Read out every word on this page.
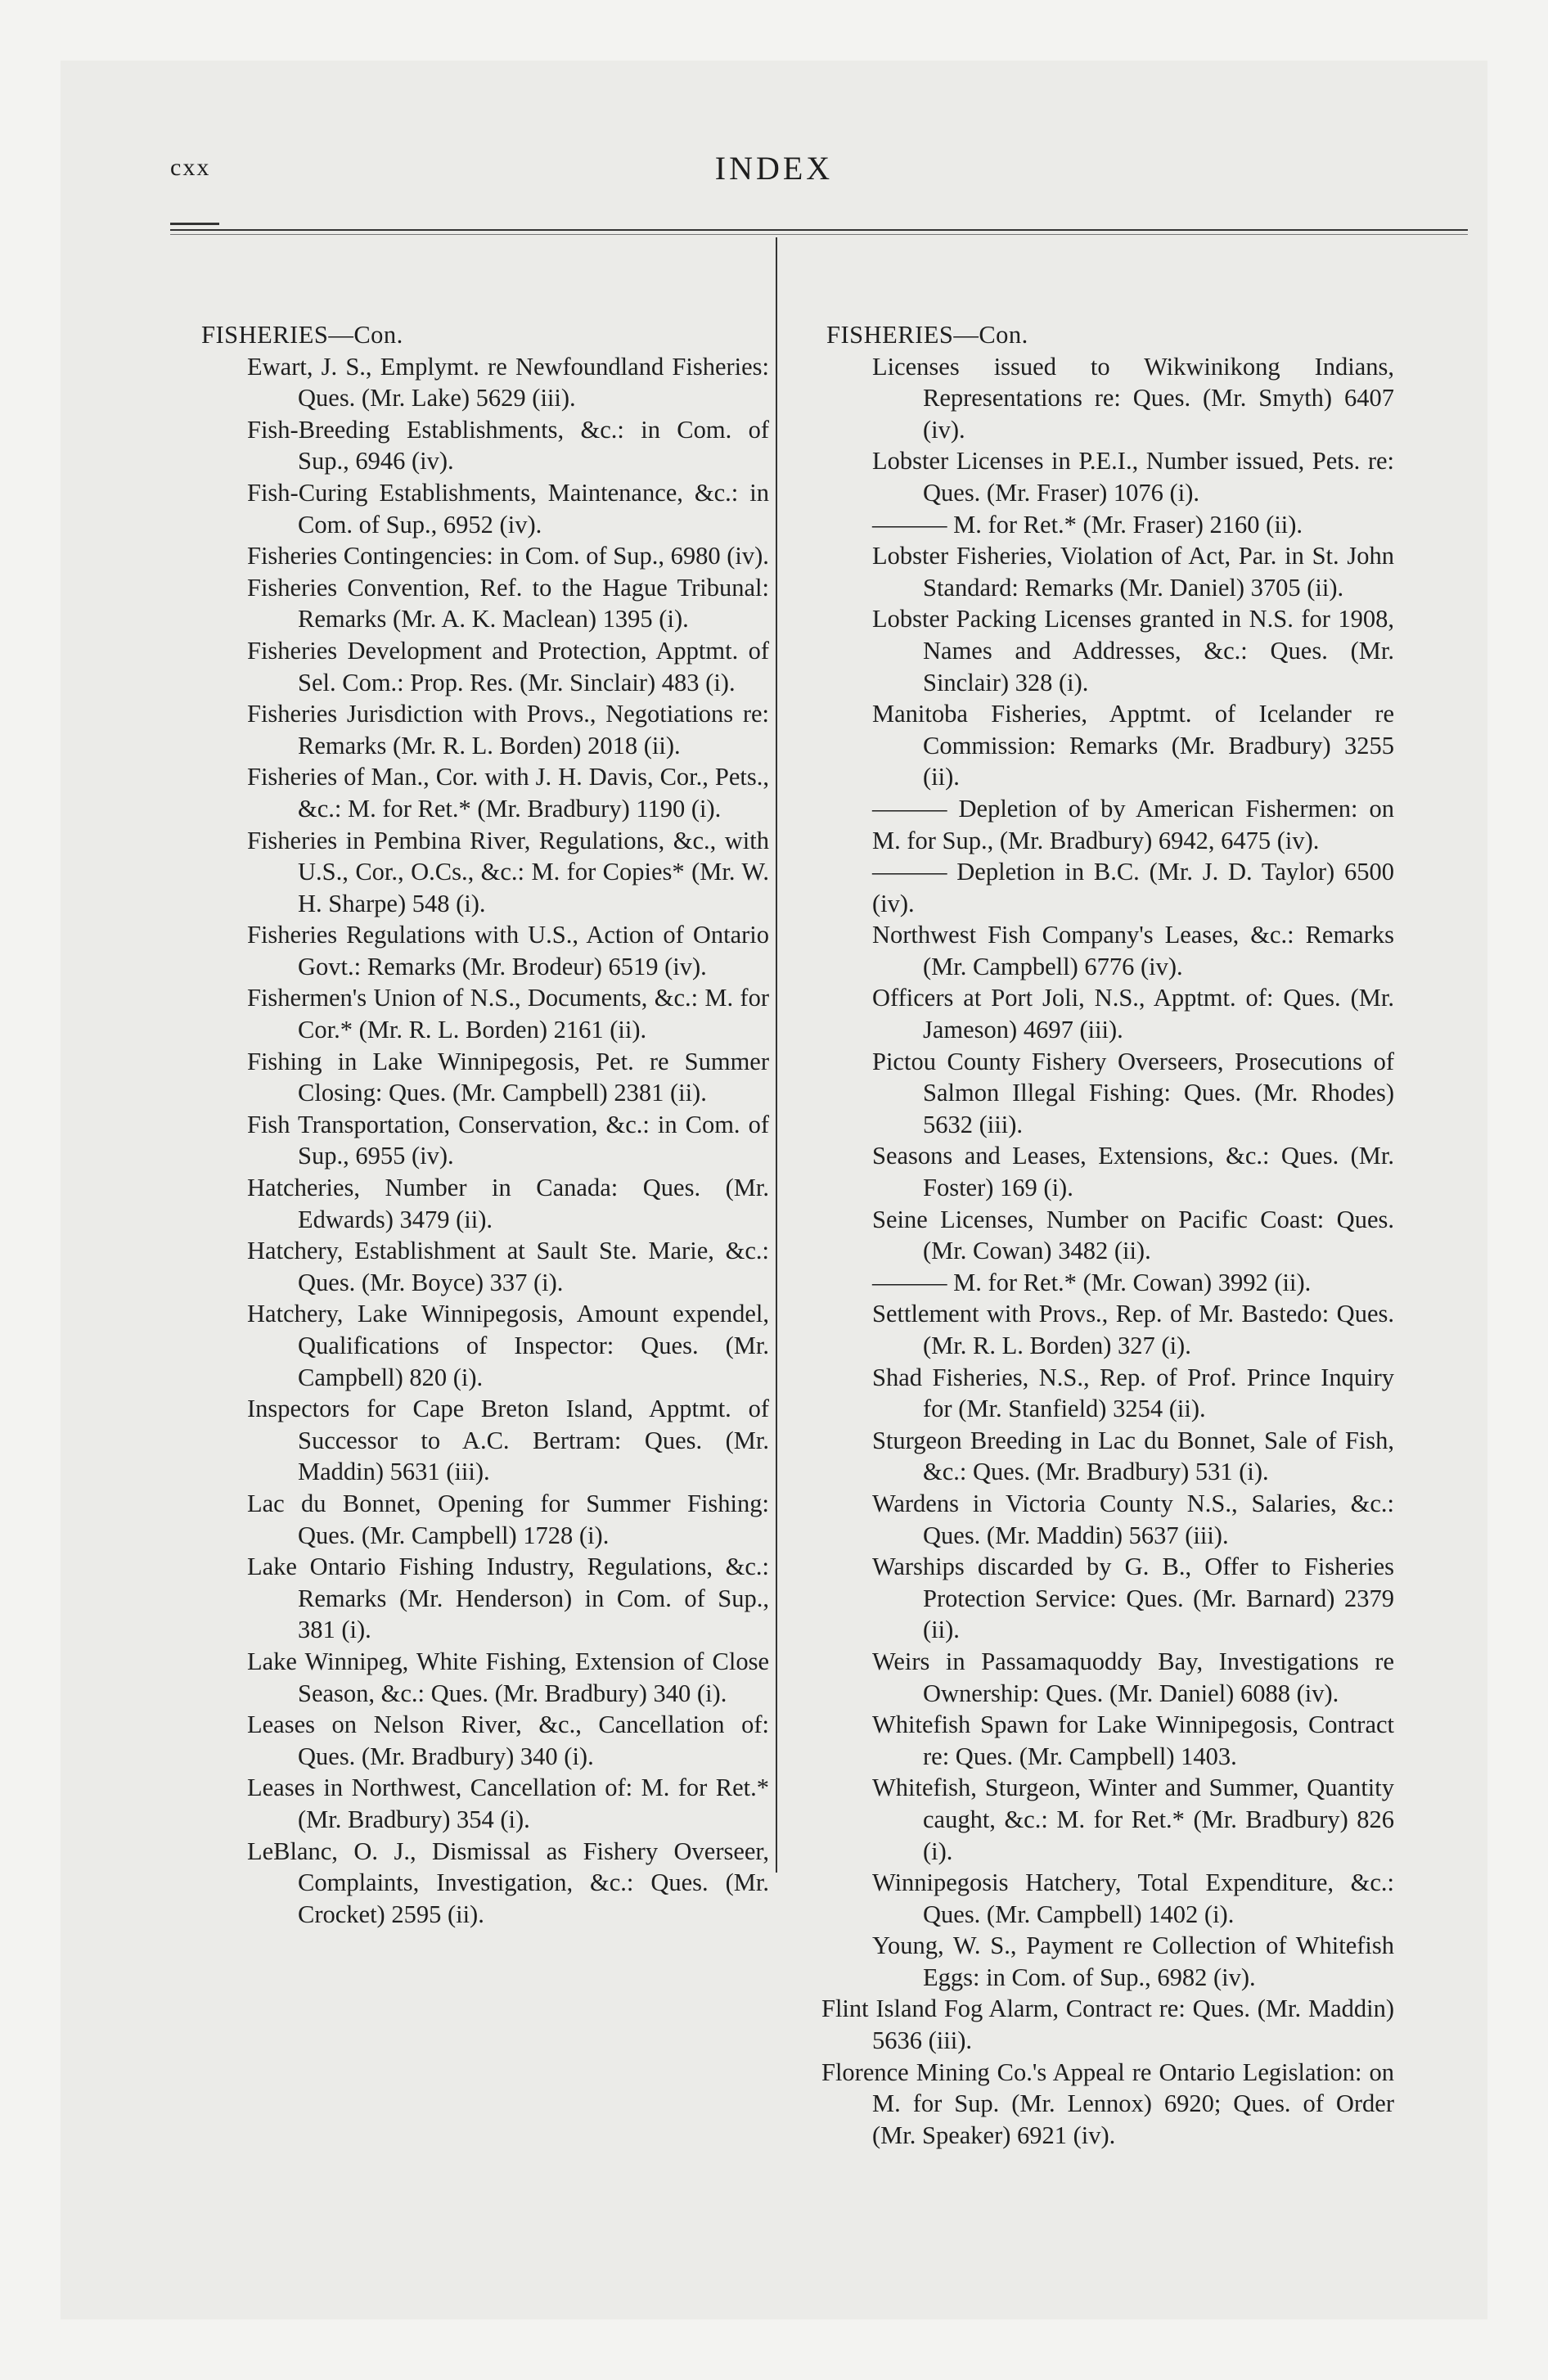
cxx	INDEX
FISHERIES—Con.
Ewart, J. S., Emplymt. re Newfoundland Fisheries: Ques. (Mr. Lake) 5629 (iii).
Fish-Breeding Establishments, &c.: in Com. of Sup., 6946 (iv).
Fish-Curing Establishments, Maintenance, &c.: in Com. of Sup., 6952 (iv).
Fisheries Contingencies: in Com. of Sup., 6980 (iv).
Fisheries Convention, Ref. to the Hague Tribunal: Remarks (Mr. A. K. Maclean) 1395 (i).
Fisheries Development and Protection, Apptmt. of Sel. Com.: Prop. Res. (Mr. Sinclair) 483 (i).
Fisheries Jurisdiction with Provs., Negotiations re: Remarks (Mr. R. L. Borden) 2018 (ii).
Fisheries of Man., Cor. with J. H. Davis, Cor., Pets., &c.: M. for Ret.* (Mr. Bradbury) 1190 (i).
Fisheries in Pembina River, Regulations, &c., with U.S., Cor., O.Cs., &c.: M. for Copies* (Mr. W. H. Sharpe) 548 (i).
Fisheries Regulations with U.S., Action of Ontario Govt.: Remarks (Mr. Brodeur) 6519 (iv).
Fishermen's Union of N.S., Documents, &c.: M. for Cor.* (Mr. R. L. Borden) 2161 (ii).
Fishing in Lake Winnipegosis, Pet. re Summer Closing: Ques. (Mr. Campbell) 2381 (ii).
Fish Transportation, Conservation, &c.: in Com. of Sup., 6955 (iv).
Hatcheries, Number in Canada: Ques. (Mr. Edwards) 3479 (ii).
Hatchery, Establishment at Sault Ste. Marie, &c.: Ques. (Mr. Boyce) 337 (i).
Hatchery, Lake Winnipegosis, Amount expendel, Qualifications of Inspector: Ques. (Mr. Campbell) 820 (i).
Inspectors for Cape Breton Island, Apptmt. of Successor to A.C. Bertram: Ques. (Mr. Maddin) 5631 (iii).
Lac du Bonnet, Opening for Summer Fishing: Ques. (Mr. Campbell) 1728 (i).
Lake Ontario Fishing Industry, Regulations, &c.: Remarks (Mr. Henderson) in Com. of Sup., 381 (i).
Lake Winnipeg, White Fishing, Extension of Close Season, &c.: Ques. (Mr. Bradbury) 340 (i).
Leases on Nelson River, &c., Cancellation of: Ques. (Mr. Bradbury) 340 (i).
Leases in Northwest, Cancellation of: M. for Ret.* (Mr. Bradbury) 354 (i).
LeBlanc, O. J., Dismissal as Fishery Overseer, Complaints, Investigation, &c.: Ques. (Mr. Crocket) 2595 (ii).
FISHERIES—Con.
Licenses issued to Wikwinikong Indians, Representations re: Ques. (Mr. Smyth) 6407 (iv).
Lobster Licenses in P.E.I., Number issued, Pets. re: Ques. (Mr. Fraser) 1076 (i).
——— M. for Ret.* (Mr. Fraser) 2160 (ii).
Lobster Fisheries, Violation of Act, Par. in St. John Standard: Remarks (Mr. Daniel) 3705 (ii).
Lobster Packing Licenses granted in N.S. for 1908, Names and Addresses, &c.: Ques. (Mr. Sinclair) 328 (i).
Manitoba Fisheries, Apptmt. of Icelander re Commission: Remarks (Mr. Bradbury) 3255 (ii).
——— Depletion of by American Fishermen: on M. for Sup., (Mr. Bradbury) 6942, 6475 (iv).
——— Depletion in B.C. (Mr. J. D. Taylor) 6500 (iv).
Northwest Fish Company's Leases, &c.: Remarks (Mr. Campbell) 6776 (iv).
Officers at Port Joli, N.S., Apptmt. of: Ques. (Mr. Jameson) 4697 (iii).
Pictou County Fishery Overseers, Prosecutions of Salmon Illegal Fishing: Ques. (Mr. Rhodes) 5632 (iii).
Seasons and Leases, Extensions, &c.: Ques. (Mr. Foster) 169 (i).
Seine Licenses, Number on Pacific Coast: Ques. (Mr. Cowan) 3482 (ii).
——— M. for Ret.* (Mr. Cowan) 3992 (ii).
Settlement with Provs., Rep. of Mr. Bastedo: Ques. (Mr. R. L. Borden) 327 (i).
Shad Fisheries, N.S., Rep. of Prof. Prince Inquiry for (Mr. Stanfield) 3254 (ii).
Sturgeon Breeding in Lac du Bonnet, Sale of Fish, &c.: Ques. (Mr. Bradbury) 531 (i).
Wardens in Victoria County N.S., Salaries, &c.: Ques. (Mr. Maddin) 5637 (iii).
Warships discarded by G. B., Offer to Fisheries Protection Service: Ques. (Mr. Barnard) 2379 (ii).
Weirs in Passamaquoddy Bay, Investigations re Ownership: Ques. (Mr. Daniel) 6088 (iv).
Whitefish Spawn for Lake Winnipegosis, Contract re: Ques. (Mr. Campbell) 1403.
Whitefish, Sturgeon, Winter and Summer, Quantity caught, &c.: M. for Ret.* (Mr. Bradbury) 826 (i).
Winnipegosis Hatchery, Total Expenditure, &c.: Ques. (Mr. Campbell) 1402 (i).
Young, W. S., Payment re Collection of Whitefish Eggs: in Com. of Sup., 6982 (iv).
Flint Island Fog Alarm, Contract re: Ques. (Mr. Maddin) 5636 (iii).
Florence Mining Co.'s Appeal re Ontario Legislation: on M. for Sup. (Mr. Lennox) 6920; Ques. of Order (Mr. Speaker) 6921 (iv).
